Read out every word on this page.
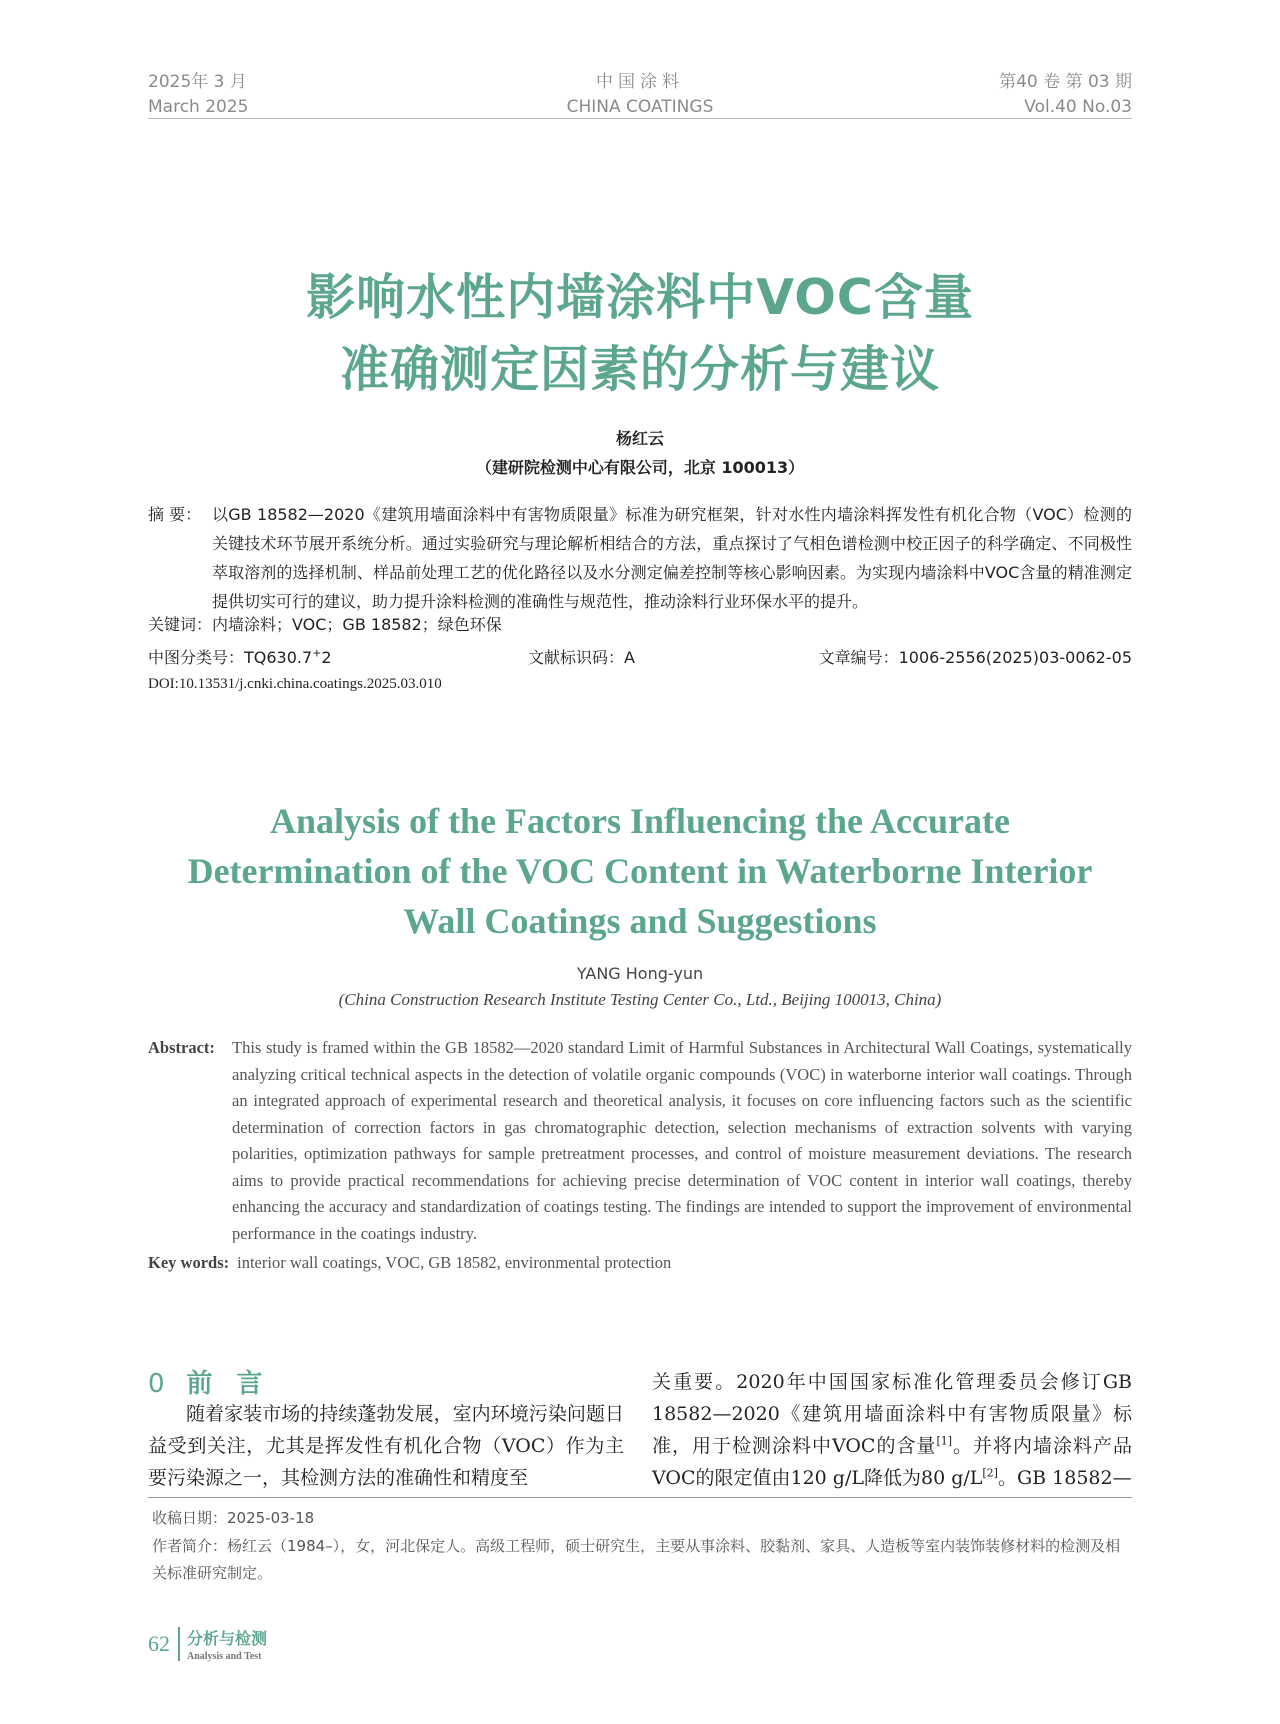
2025年 3 月
March 2025
中国涂料
CHINA COATINGS
第40 卷 第 03 期
Vol.40 No.03
影响水性内墙涂料中VOC含量
准确测定因素的分析与建议
杨红云
（建研院检测中心有限公司，北京 100013）
摘 要： 以GB 18582—2020《建筑用墙面涂料中有害物质限量》标准为研究框架，针对水性内墙涂料挥发性有机化合物（VOC）检测的关键技术环节展开系统分析。通过实验研究与理论解析相结合的方法，重点探讨了气相色谱检测中校正因子的科学确定、不同极性萃取溶剂的选择机制、样品前处理工艺的优化路径以及水分测定偏差控制等核心影响因素。为实现内墙涂料中VOC含量的精准测定提供切实可行的建议，助力提升涂料检测的准确性与规范性，推动涂料行业环保水平的提升。
关键词：内墙涂料；VOC；GB 18582；绿色环保
中图分类号：TQ630.7+2	文献标识码：A	文章编号：1006-2556(2025)03-0062-05
DOI:10.13531/j.cnki.china.coatings.2025.03.010
Analysis of the Factors Influencing the Accurate
Determination of the VOC Content in Waterborne Interior
Wall Coatings and Suggestions
YANG Hong-yun
(China Construction Research Institute Testing Center Co., Ltd., Beijing 100013, China)
Abstract: This study is framed within the GB 18582—2020 standard Limit of Harmful Substances in Architectural Wall Coatings, systematically analyzing critical technical aspects in the detection of volatile organic compounds (VOC) in waterborne interior wall coatings. Through an integrated approach of experimental research and theoretical analysis, it focuses on core influencing factors such as the scientific determination of correction factors in gas chromatographic detection, selection mechanisms of extraction solvents with varying polarities, optimization pathways for sample pretreatment processes, and control of moisture measurement deviations. The research aims to provide practical recommendations for achieving precise determination of VOC content in interior wall coatings, thereby enhancing the accuracy and standardization of coatings testing. The findings are intended to support the improvement of environmental performance in the coatings industry.
Key words: interior wall coatings, VOC, GB 18582, environmental protection
0 前言

随着家装市场的持续蓬勃发展，室内环境污染问题日益受到关注，尤其是挥发性有机化合物（VOC）作为主要污染源之一，其检测方法的准确性和精度至

关重要。2020年中国国家标准化管理委员会修订GB 18582—2020《建筑用墙面涂料中有害物质限量》标准，用于检测涂料中VOC的含量[1]。并将内墙涂料产品VOC的限定值由120 g/L降低为80 g/L[2]。GB 18582—

收稿日期：2025-03-18
作者简介：杨红云（1984–），女，河北保定人。高级工程师，硕士研究生，主要从事涂料、胶黏剂、家具、人造板等室内装饰装修材料的检测及相关标准研究制定。
62 分析与检测
Analysis and Test
